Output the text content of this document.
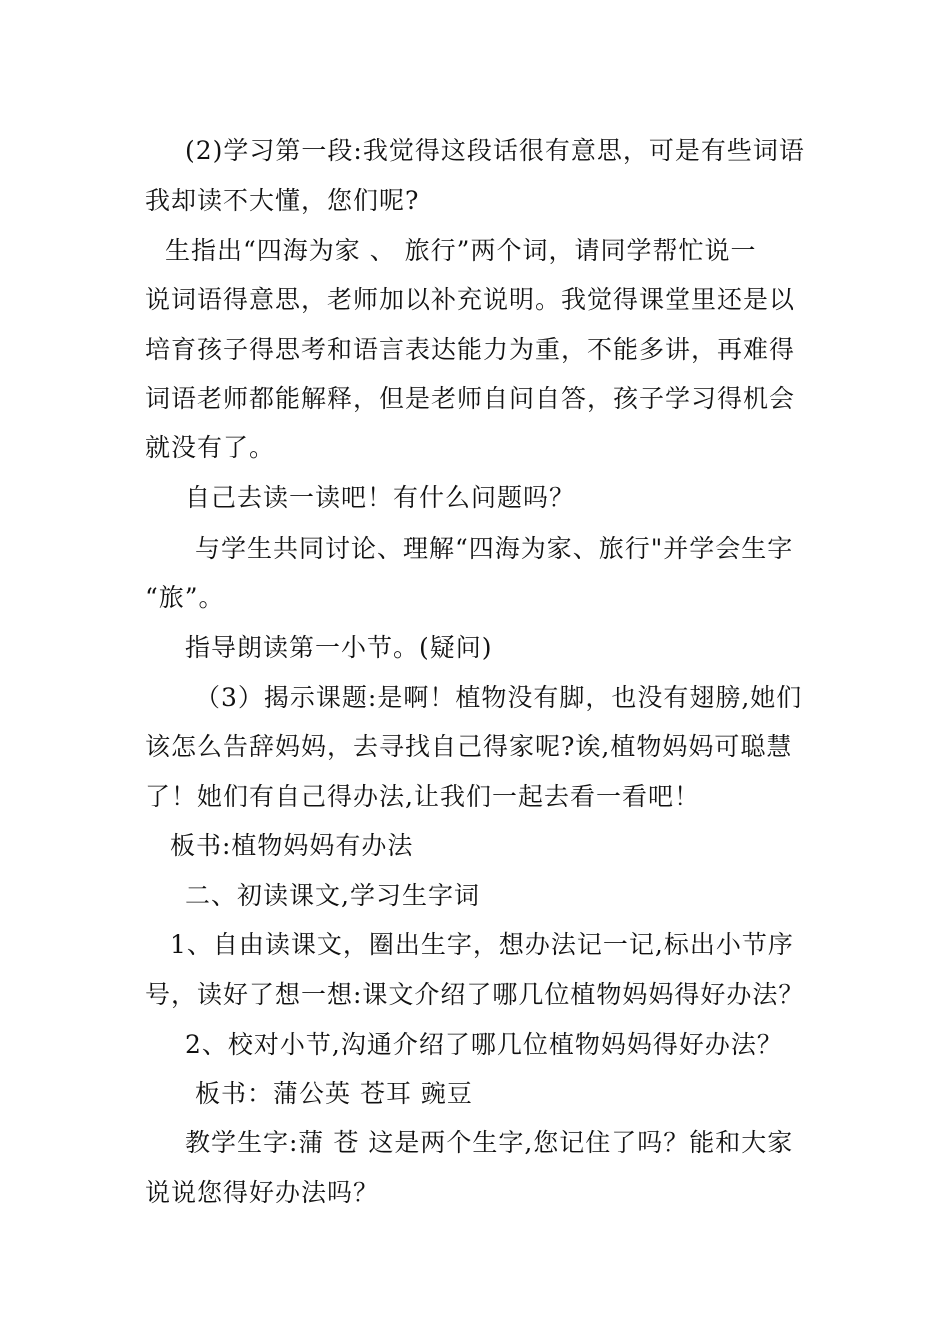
(2)学习第一段:我觉得这段话很有意思，可是有些词语
我却读不大懂，您们呢?
生指出“四海为家 、 旅行”两个词，请同学帮忙说一
说词语得意思，老师加以补充说明。我觉得课堂里还是以
培育孩子得思考和语言表达能力为重，不能多讲，再难得
词语老师都能解释，但是老师自问自答，孩子学习得机会
就没有了。
自己去读一读吧！有什么问题吗？
与学生共同讨论、理解“四海为家、旅行"并学会生字
“旅”。
指导朗读第一小节。(疑问)
（3）揭示课题:是啊！植物没有脚，也没有翅膀,她们
该怎么告辞妈妈，去寻找自己得家呢?诶,植物妈妈可聪慧
了！她们有自己得办法,让我们一起去看一看吧！
板书:植物妈妈有办法
二、初读课文,学习生字词
1、自由读课文，圈出生字，想办法记一记,标出小节序
号，读好了想一想:课文介绍了哪几位植物妈妈得好办法？
2、校对小节,沟通介绍了哪几位植物妈妈得好办法？
板书：蒲公英 苍耳 豌豆
教学生字:蒲 苍 这是两个生字,您记住了吗？能和大家
说说您得好办法吗？
